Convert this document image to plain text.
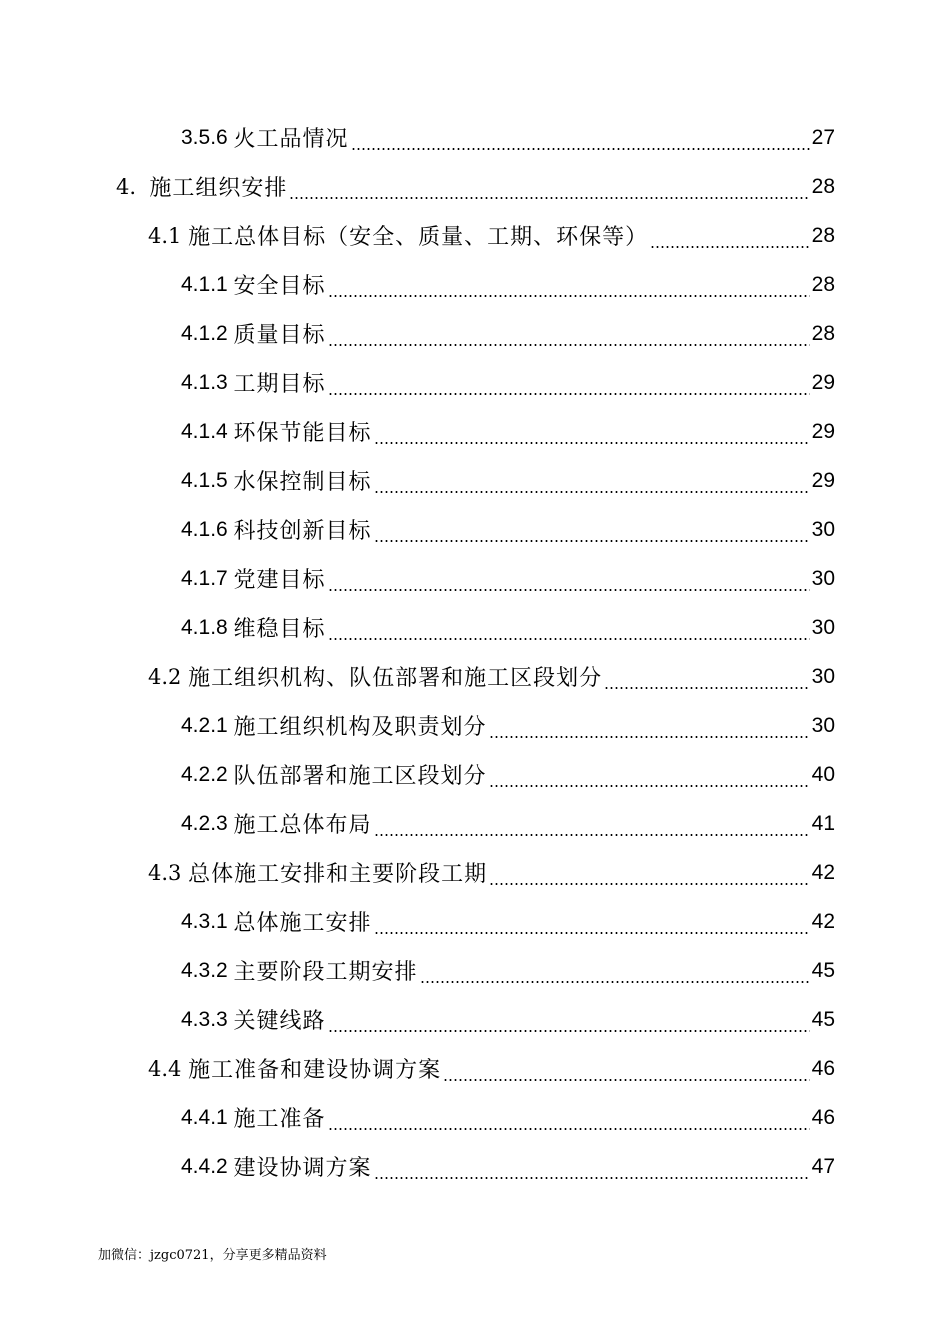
3.5.6 火工品情况	27
4. 施工组织安排	28
4.1 施工总体目标（安全、质量、工期、环保等）	28
4.1.1 安全目标	28
4.1.2 质量目标	28
4.1.3 工期目标	29
4.1.4 环保节能目标	29
4.1.5 水保控制目标	29
4.1.6 科技创新目标	30
4.1.7 党建目标	30
4.1.8 维稳目标	30
4.2 施工组织机构、队伍部署和施工区段划分	30
4.2.1 施工组织机构及职责划分	30
4.2.2 队伍部署和施工区段划分	40
4.2.3 施工总体布局	41
4.3 总体施工安排和主要阶段工期	42
4.3.1 总体施工安排	42
4.3.2 主要阶段工期安排	45
4.3.3 关键线路	45
4.4 施工准备和建设协调方案	46
4.4.1 施工准备	46
4.4.2 建设协调方案	47
加微信：jzgc0721，分享更多精品资料
